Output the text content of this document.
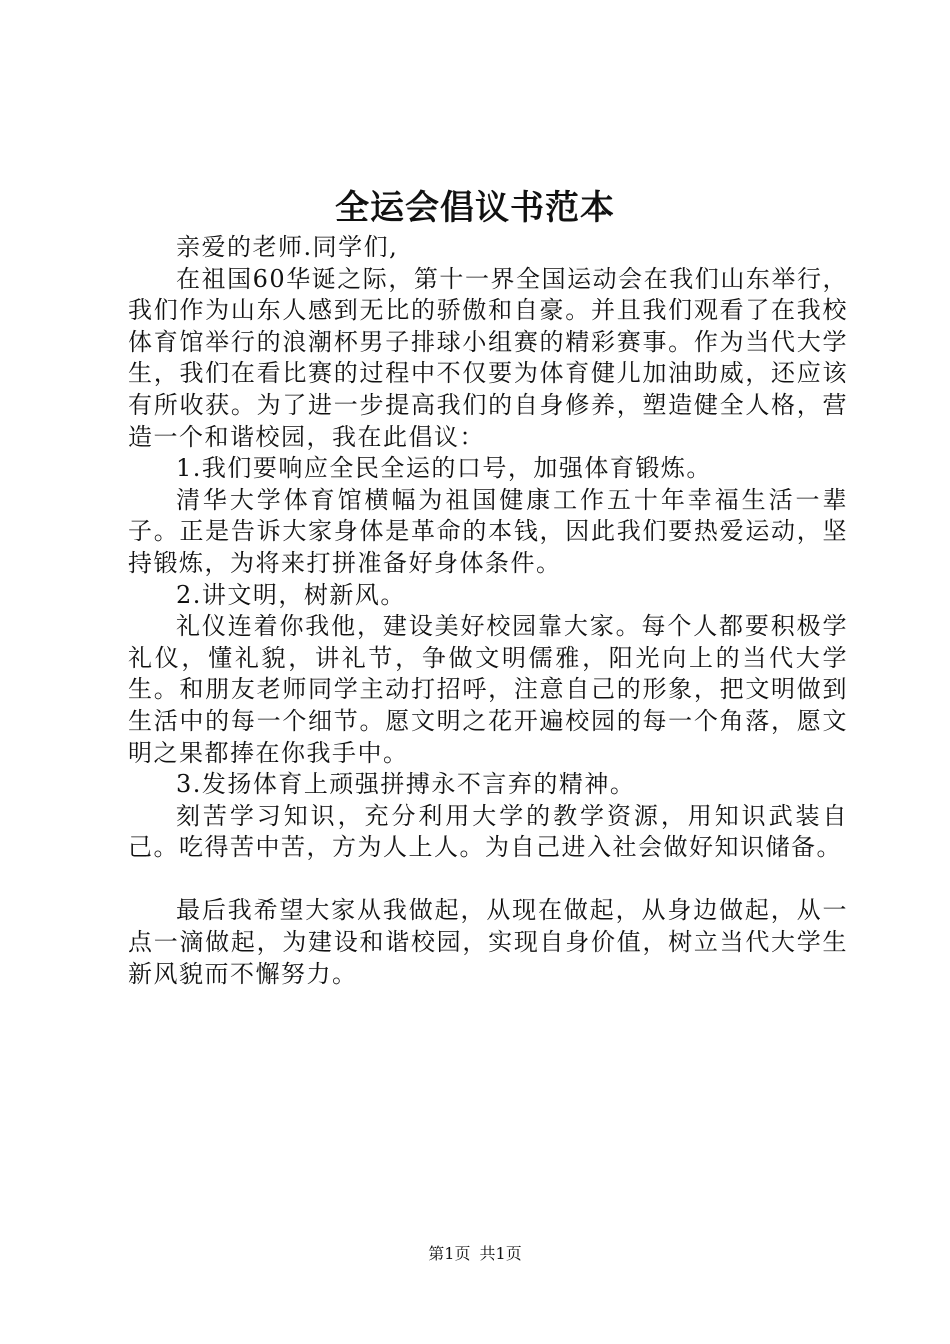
全运会倡议书范本

亲爱的老师.同学们,

在祖国60华诞之际，第十一界全国运动会在我们山东举行，我们作为山东人感到无比的骄傲和自豪。并且我们观看了在我校体育馆举行的浪潮杯男子排球小组赛的精彩赛事。作为当代大学生，我们在看比赛的过程中不仅要为体育健儿加油助威，还应该有所收获。为了进一步提高我们的自身修养，塑造健全人格，营造一个和谐校园，我在此倡议：

1.我们要响应全民全运的口号，加强体育锻炼。

清华大学体育馆横幅为祖国健康工作五十年幸福生活一辈子。正是告诉大家身体是革命的本钱，因此我们要热爱运动，坚持锻炼，为将来打拼准备好身体条件。

2.讲文明，树新风。

礼仪连着你我他，建设美好校园靠大家。每个人都要积极学礼仪，懂礼貌，讲礼节，争做文明儒雅，阳光向上的当代大学生。和朋友老师同学主动打招呼，注意自己的形象，把文明做到生活中的每一个细节。愿文明之花开遍校园的每一个角落，愿文明之果都捧在你我手中。

3.发扬体育上顽强拼搏永不言弃的精神。

刻苦学习知识，充分利用大学的教学资源，用知识武装自己。吃得苦中苦，方为人上人。为自己进入社会做好知识储备。

最后我希望大家从我做起，从现在做起，从身边做起，从一点一滴做起，为建设和谐校园，实现自身价值，树立当代大学生新风貌而不懈努力。

第1页 共1页
